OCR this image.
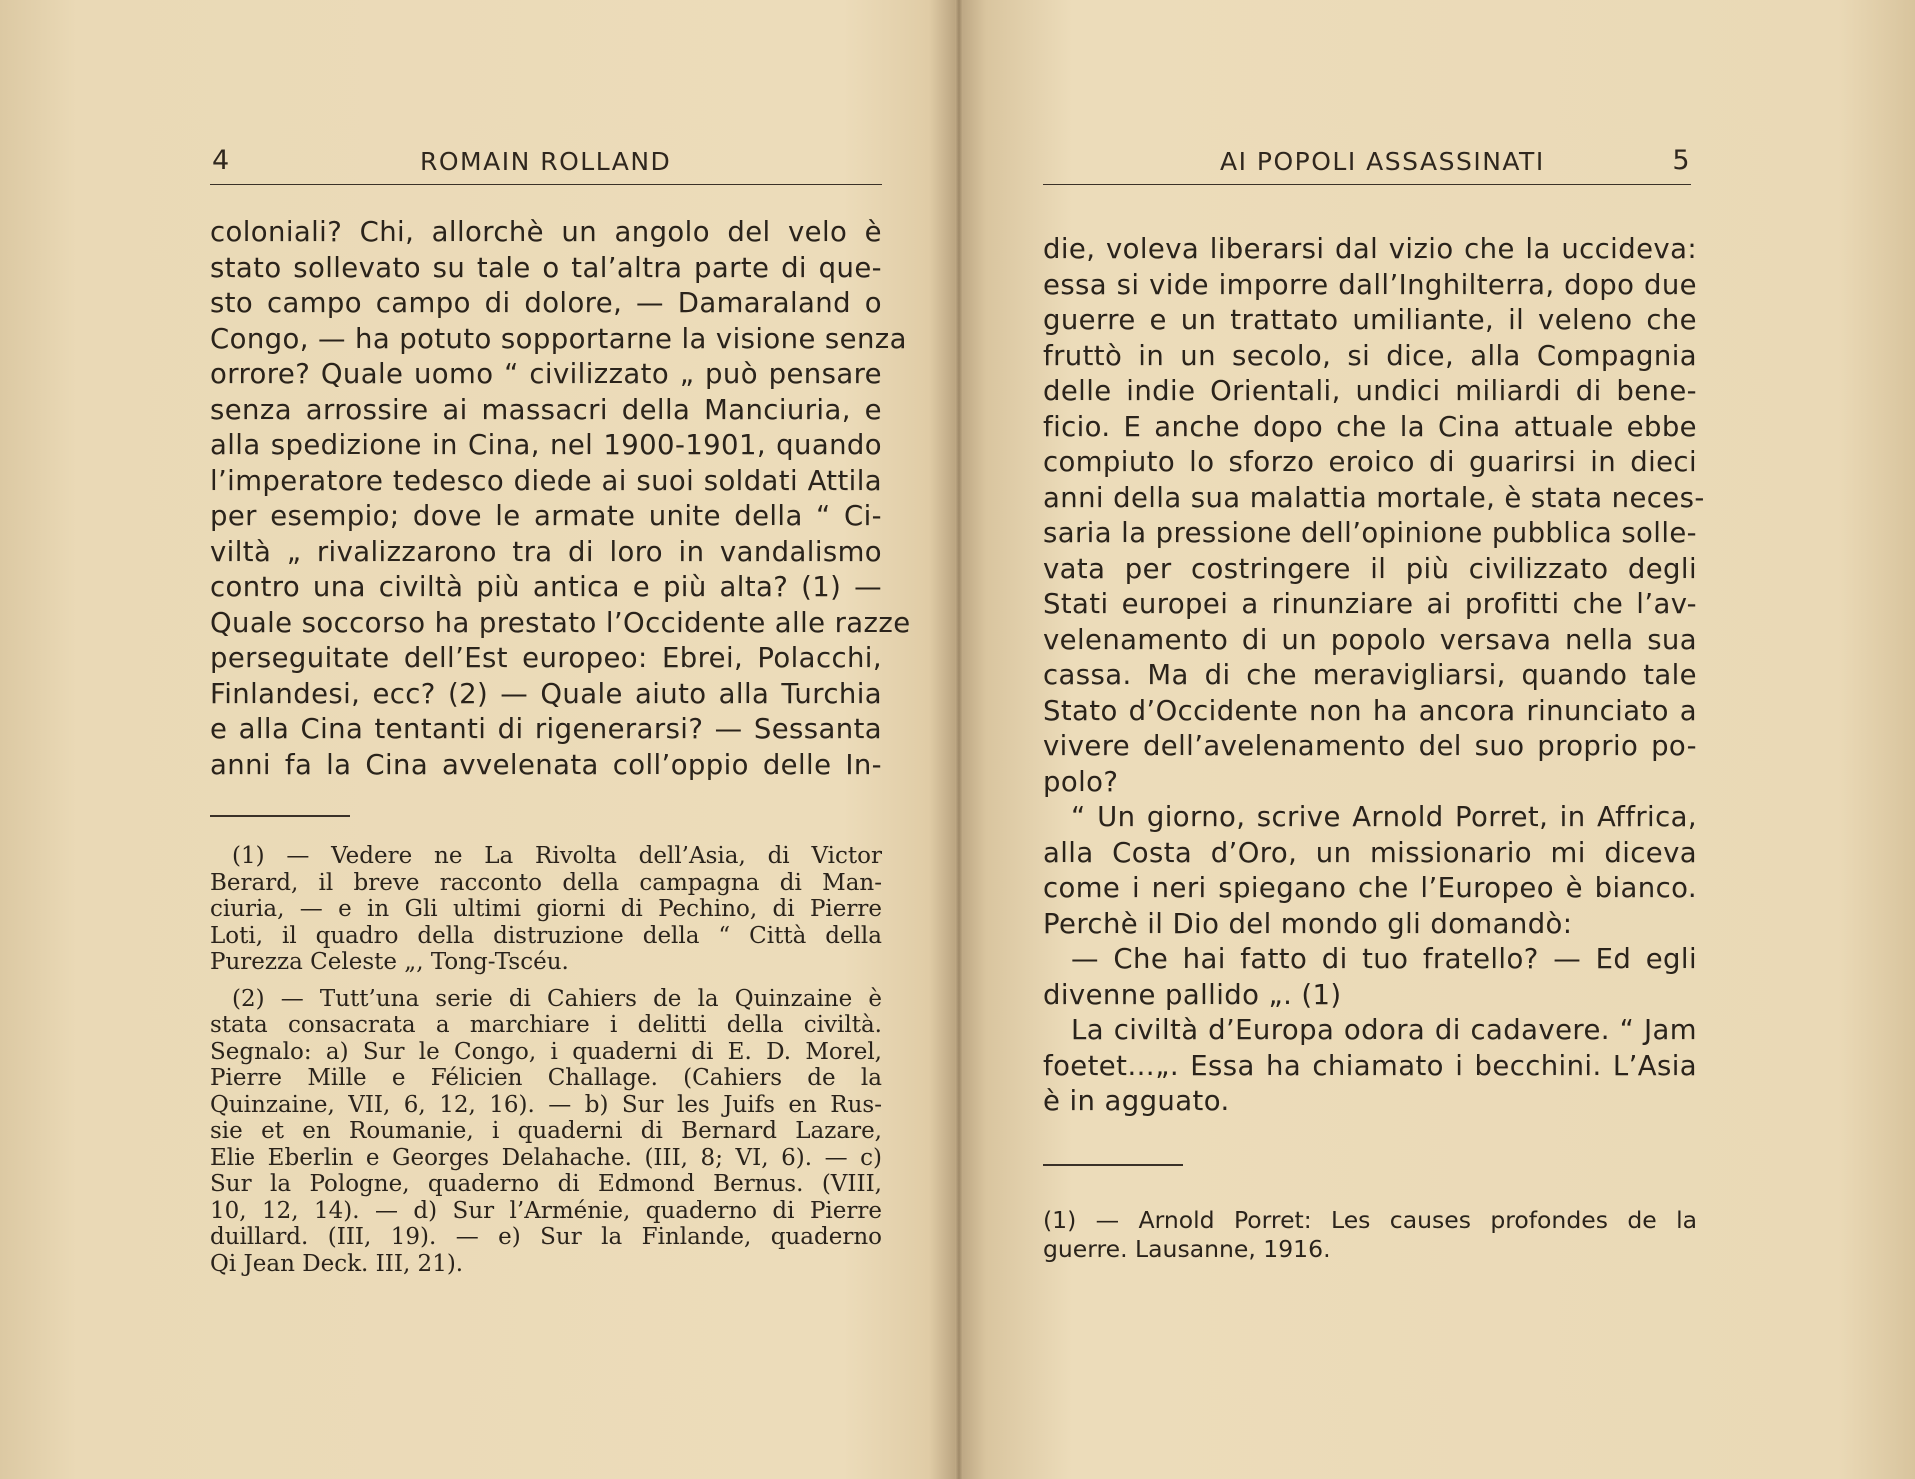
4	ROMAIN ROLLAND
coloniali? Chi, allorchè un angolo del velo è
stato sollevato su tale o tal’altra parte di que-
sto campo campo di dolore, — Damaraland o
Congo, — ha potuto sopportarne la visione senza
orrore? Quale uomo “ civilizzato „ può pensare
senza arrossire ai massacri della Manciuria, e
alla spedizione in Cina, nel 1900-1901, quando
l’imperatore tedesco diede ai suoi soldati Attila
per esempio; dove le armate unite della “ Ci-
viltà „ rivalizzarono tra di loro in vandalismo
contro una civiltà più antica e più alta? (1) —
Quale soccorso ha prestato l’Occidente alle razze
perseguitate dell’Est europeo: Ebrei, Polacchi,
Finlandesi, ecc? (2) — Quale aiuto alla Turchia
e alla Cina tentanti di rigenerarsi? — Sessanta
anni fa la Cina avvelenata coll’oppio delle In-
(1) — Vedere ne La Rivolta dell’Asia, di Victor
Berard, il breve racconto della campagna di Man-
ciuria, — e in Gli ultimi giorni di Pechino, di Pierre
Loti, il quadro della distruzione della “ Città della
Purezza Celeste „, Tong-Tscéu.
(2) — Tutt’una serie di Cahiers de la Quinzaine è
stata consacrata a marchiare i delitti della civiltà.
Segnalo: a) Sur le Congo, i quaderni di E. D. Morel,
Pierre Mille e Félicien Challage. (Cahiers de la
Quinzaine, VII, 6, 12, 16). — b) Sur les Juifs en Rus-
sie et en Roumanie, i quaderni di Bernard Lazare,
Elie Eberlin e Georges Delahache. (III, 8; VI, 6). — c)
Sur la Pologne, quaderno di Edmond Bernus. (VIII,
10, 12, 14). — d) Sur l’Arménie, quaderno di Pierre
duillard. (III, 19). — e) Sur la Finlande, quaderno
Qi Jean Deck. III, 21).
AI POPOLI ASSASSINATI	5
die, voleva liberarsi dal vizio che la uccideva:
essa si vide imporre dall’Inghilterra, dopo due
guerre e un trattato umiliante, il veleno che
fruttò in un secolo, si dice, alla Compagnia
delle indie Orientali, undici miliardi di bene-
ficio. E anche dopo che la Cina attuale ebbe
compiuto lo sforzo eroico di guarirsi in dieci
anni della sua malattia mortale, è stata neces-
saria la pressione dell’opinione pubblica solle-
vata per costringere il più civilizzato degli
Stati europei a rinunziare ai profitti che l’av-
velenamento di un popolo versava nella sua
cassa. Ma di che meravigliarsi, quando tale
Stato d’Occidente non ha ancora rinunciato a
vivere dell’avelenamento del suo proprio po-
polo?
“ Un giorno, scrive Arnold Porret, in Affrica,
alla Costa d’Oro, un missionario mi diceva
come i neri spiegano che l’Europeo è bianco.
Perchè il Dio del mondo gli domandò:
— Che hai fatto di tuo fratello? — Ed egli
divenne pallido „. (1)
La civiltà d’Europa odora di cadavere. “ Jam
foetet…„. Essa ha chiamato i becchini. L’Asia
è in agguato.
(1) — Arnold Porret: Les causes profondes de la
guerre. Lausanne, 1916.
